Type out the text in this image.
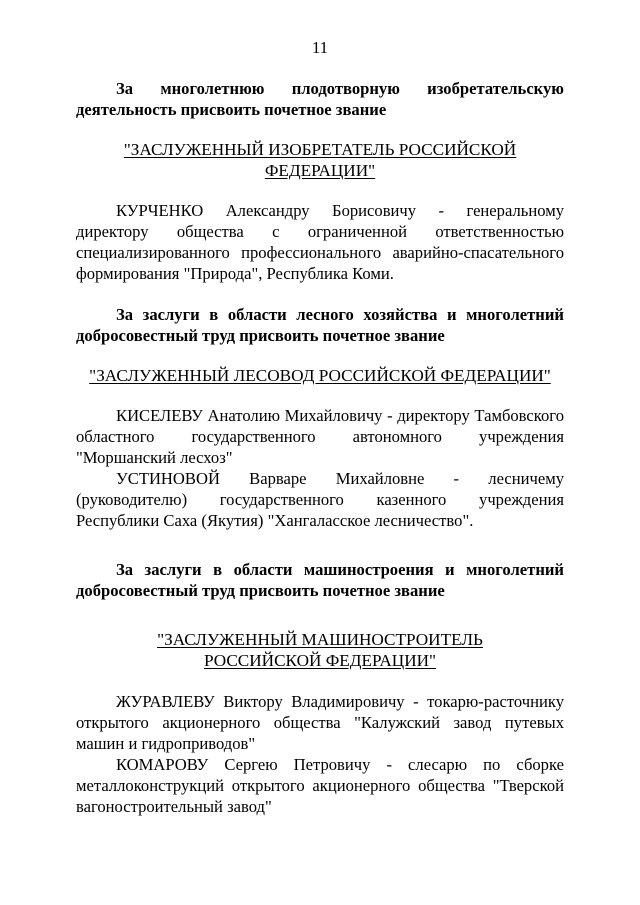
11

За многолетнюю плодотворную изобретательскую деятельность присвоить почетное звание

"ЗАСЛУЖЕННЫЙ ИЗОБРЕТАТЕЛЬ РОССИЙСКОЙ ФЕДЕРАЦИИ"

КУРЧЕНКО Александру Борисовичу - генеральному директору общества с ограниченной ответственностью специализированного профессионального аварийно-спасательного формирования "Природа", Республика Коми.

За заслуги в области лесного хозяйства и многолетний добросовестный труд присвоить почетное звание

"ЗАСЛУЖЕННЫЙ ЛЕСОВОД РОССИЙСКОЙ ФЕДЕРАЦИИ"

КИСЕЛЕВУ Анатолию Михайловичу - директору Тамбовского областного государственного автономного учреждения "Моршанский лесхоз"

УСТИНОВОЙ Варваре Михайловне - лесничему (руководителю) государственного казенного учреждения Республики Саха (Якутия) "Хангаласское лесничество".

За заслуги в области машиностроения и многолетний добросовестный труд присвоить почетное звание

"ЗАСЛУЖЕННЫЙ МАШИНОСТРОИТЕЛЬ
РОССИЙСКОЙ ФЕДЕРАЦИИ"

ЖУРАВЛЕВУ Виктору Владимировичу - токарю-расточнику открытого акционерного общества "Калужский завод путевых машин и гидроприводов"

КОМАРОВУ Сергею Петровичу - слесарю по сборке металлоконструкций открытого акционерного общества "Тверской вагоностроительный завод"
